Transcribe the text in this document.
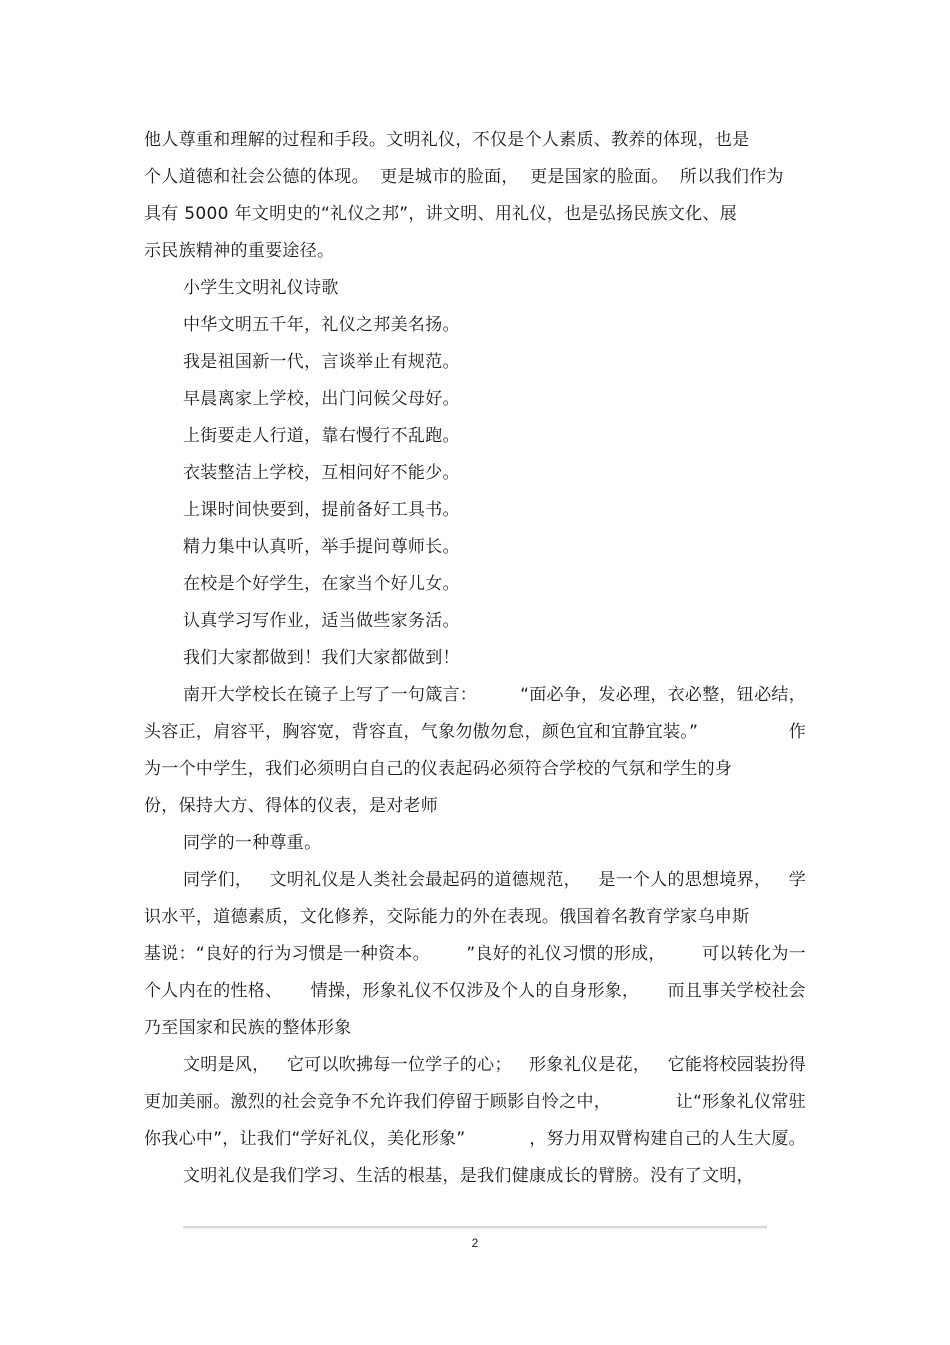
他人尊重和理解的过程和手段。文明礼仪，不仅是个人素质、教养的体现，也是
个人道德和社会公德的体现。  更是城市的脸面，  更是国家的脸面。  所以我们作为
具有 5000 年文明史的“礼仪之邦”，讲文明、用礼仪，也是弘扬民族文化、展
示民族精神的重要途径。
小学生文明礼仪诗歌
中华文明五千年，礼仪之邦美名扬。
我是祖国新一代，言谈举止有规范。
早晨离家上学校，出门问候父母好。
上街要走人行道，靠右慢行不乱跑。
衣装整洁上学校，互相问好不能少。
上课时间快要到，提前备好工具书。
精力集中认真听，举手提问尊师长。
在校是个好学生，在家当个好儿女。
认真学习写作业，适当做些家务活。
我们大家都做到！我们大家都做到！
南开大学校长在镜子上写了一句箴言：	“面必争，发必理，衣必整，钮必结，
头容正，肩容平，胸容宽，背容直，气象勿傲勿怠，颜色宜和宜静宜装。”	作
为一个中学生，我们必须明白自己的仪表起码必须符合学校的气氛和学生的身
份，保持大方、得体的仪表，是对老师
同学的一种尊重。
同学们， 文明礼仪是人类社会最起码的道德规范， 是一个人的思想境界， 学
识水平，道德素质，文化修养，交际能力的外在表现。俄国着名教育学家乌申斯
基说：“良好的行为习惯是一种资本。 ”良好的礼仪习惯的形成， 可以转化为一
个人内在的性格、 情操，形象礼仪不仅涉及个人的自身形象， 而且事关学校社会
乃至国家和民族的整体形象
文明是风， 它可以吹拂每一位学子的心； 形象礼仪是花， 它能将校园装扮得
更加美丽。激烈的社会竞争不允许我们停留于顾影自怜之中，	让“形象礼仪常驻
你我心中”，让我们“学好礼仪，美化形象”	，努力用双臂构建自己的人生大厦。
文明礼仪是我们学习、生活的根基，是我们健康成长的臂膀。没有了文明，
2
